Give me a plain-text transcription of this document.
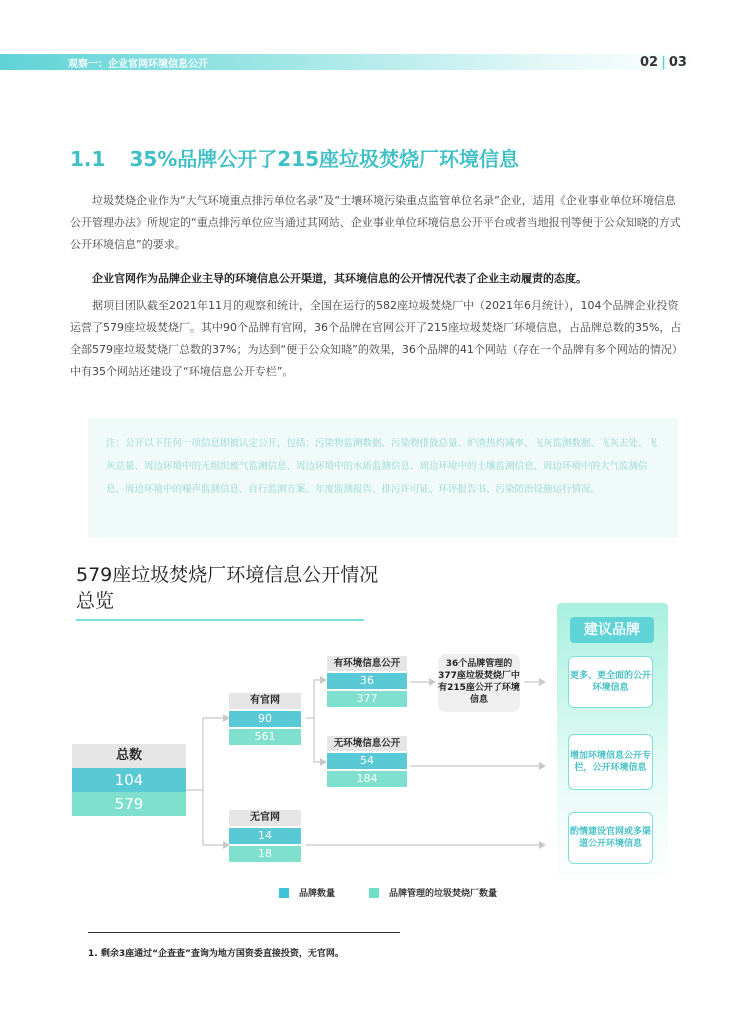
观察一：企业官网环境信息公开	02 | 03
1.1 35%品牌公开了215座垃圾焚烧厂环境信息

垃圾焚烧企业作为“大气环境重点排污单位名录”及“土壤环境污染重点监管单位名录”企业，适用《企业事业单位环境信息公开管理办法》所规定的“重点排污单位应当通过其网站、企业事业单位环境信息公开平台或者当地报刊等便于公众知晓的方式公开环境信息”的要求。

企业官网作为品牌企业主导的环境信息公开渠道，其环境信息的公开情况代表了企业主动履责的态度。

据项目团队截至2021年11月的观察和统计，全国在运行的582座垃圾焚烧厂中（2021年6月统计），104个品牌企业投资运营了579座垃圾焚烧厂。其中90个品牌有官网，36个品牌在官网公开了215座垃圾焚烧厂环境信息，占品牌总数的35%，占全部579座垃圾焚烧厂总数的37%；为达到“便于公众知晓”的效果，36个品牌的41个网站（存在一个品牌有多个网站的情况）中有35个网站还建设了“环境信息公开专栏”。

注：公开以下任何一项信息即被认定公开，包括：污染物监测数据、污染物排放总量、炉渣热灼减率、飞灰监测数据、飞灰去处、飞灰总量、周边环境中的无组织废气监测信息、周边环境中的水质监测信息、周边环境中的土壤监测信息、周边环境中的大气监测信息、周边环境中的噪声监测信息、自行监测方案、年度监测报告、排污许可证、环评报告书、污染防治设施运行情况。

579座垃圾焚烧厂环境信息公开情况总览
总数
104
579
有官网
90
561
无官网
14
18
有环境信息公开
36
377
无环境信息公开
54
184
36个品牌管理的377座垃圾焚烧厂中有215座公开了环境信息
建议品牌
更多、更全面的公开环境信息
增加环境信息公开专栏，公开环境信息
酌情建设官网或多渠道公开环境信息
品牌数量	品牌管理的垃圾焚烧厂数量
1. 剩余3座通过“企查查”查询为地方国资委直接投资，无官网。
